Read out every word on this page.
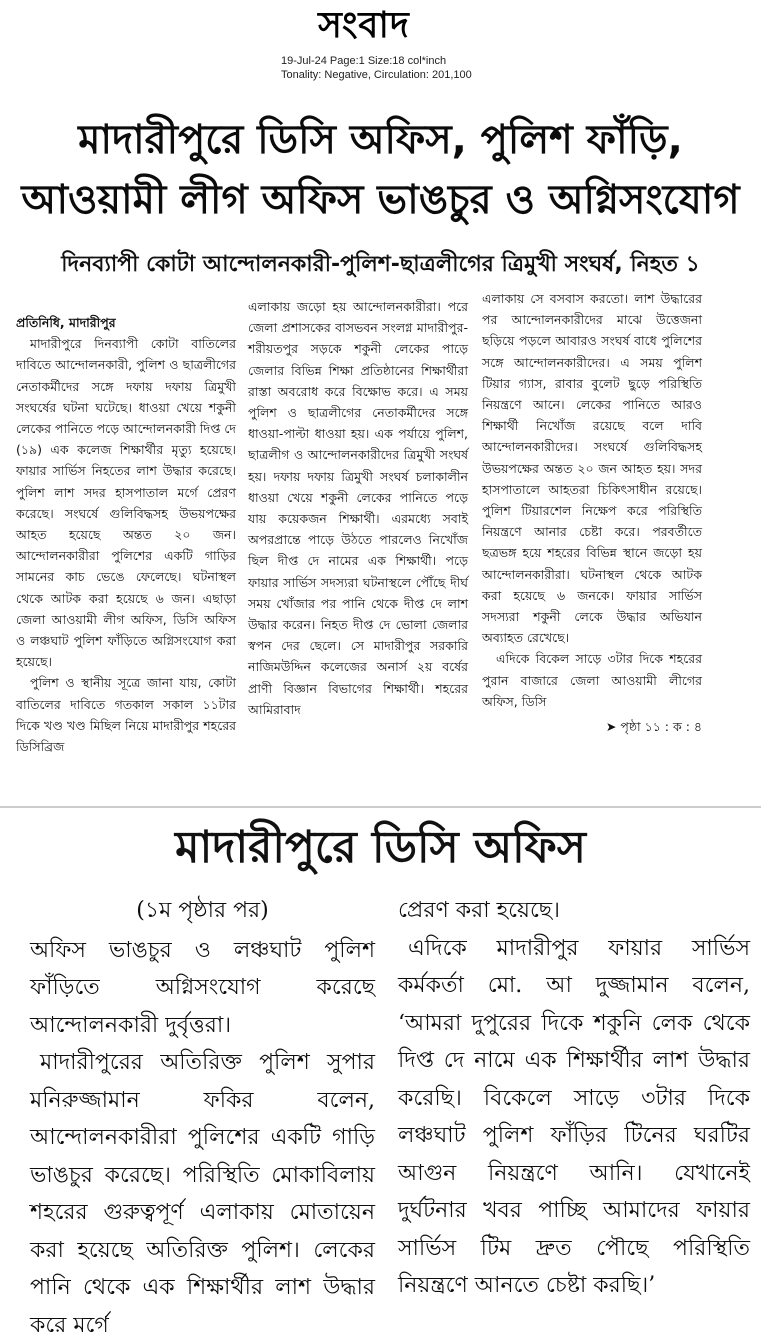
সংবাদ
19-Jul-24 Page:1 Size:18 col*inch
Tonality: Negative, Circulation: 201,100
মাদারীপুরে ডিসি অফিস, পুলিশ ফাঁড়ি,
আওয়ামী লীগ অফিস ভাঙচুর ও অগ্নিসংযোগ
দিনব্যাপী কোটা আন্দোলনকারী-পুলিশ-ছাত্রলীগের ত্রিমুখী সংঘর্ষ, নিহত ১

প্রতিনিধি, মাদারীপুর

মাদারীপুরে দিনব্যাপী কোটা বাতিলের দাবিতে আন্দোলনকারী, পুলিশ ও ছাত্রলীগের নেতাকর্মীদের সঙ্গে দফায় দফায় ত্রিমুখী সংঘর্ষের ঘটনা ঘটেছে। ধাওয়া খেয়ে শকুনী লেকের পানিতে পড়ে আন্দোলনকারী দিপ্ত দে (১৯) এক কলেজ শিক্ষার্থীর মৃত্যু হয়েছে। ফায়ার সার্ভিস নিহতের লাশ উদ্ধার করেছে। পুলিশ লাশ সদর হাসপাতাল মর্গে প্রেরণ করেছে। সংঘর্ষে গুলিবিদ্ধসহ উভয়পক্ষের আহত হয়েছে অন্তত ২০ জন। আন্দোলনকারীরা পুলিশের একটি গাড়ির সামনের কাচ ভেঙে ফেলেছে। ঘটনাস্থল থেকে আটক করা হয়েছে ৬ জন। এছাড়া জেলা আওয়ামী লীগ অফিস, ডিসি অফিস ও লঞ্চঘাট পুলিশ ফাঁড়িতে অগ্নিসংযোগ করা হয়েছে।

পুলিশ ও স্থানীয় সূত্রে জানা যায়, কোটা বাতিলের দাবিতে গতকাল সকাল ১১টার দিকে খণ্ড খণ্ড মিছিল নিয়ে মাদারীপুর শহরের ডিসিব্রিজ

এলাকায় জড়ো হয় আন্দোলনকারীরা। পরে জেলা প্রশাসকের বাসভবন সংলগ্ন মাদারীপুর-শরীয়তপুর সড়কে শকুনী লেকের পাড়ে জেলার বিভিন্ন শিক্ষা প্রতিষ্ঠানের শিক্ষার্থীরা রাস্তা অবরোধ করে বিক্ষোভ করে। এ সময় পুলিশ ও ছাত্রলীগের নেতাকর্মীদের সঙ্গে ধাওয়া-পাল্টা ধাওয়া হয়। এক পর্যায়ে পুলিশ, ছাত্রলীগ ও আন্দোলনকারীদের ত্রিমুখী সংঘর্ষ হয়। দফায় দফায় ত্রিমুখী সংঘর্ষ চলাকালীন ধাওয়া খেয়ে শকুনী লেকের পানিতে পড়ে যায় কয়েকজন শিক্ষার্থী। এরমধ্যে সবাই অপরপ্রান্তে পাড়ে উঠতে পারলেও নিখোঁজ ছিল দীপ্ত দে নামের এক শিক্ষার্থী। পড়ে ফায়ার সার্ভিস সদস্যরা ঘটনাস্থলে পৌঁছে দীর্ঘ সময় খোঁজার পর পানি থেকে দীপ্ত দে লাশ উদ্ধার করেন। নিহত দীপ্ত দে ভোলা জেলার স্বপন দের ছেলে। সে মাদারীপুর সরকারি নাজিমউদ্দিন কলেজের অনার্স ২য় বর্ষের প্রাণী বিজ্ঞান বিভাগের শিক্ষার্থী। শহরের আমিরাবাদ

এলাকায় সে বসবাস করতো। লাশ উদ্ধারের পর আন্দোলনকারীদের মাঝে উত্তেজনা ছড়িয়ে পড়লে আবারও সংঘর্ষ বাধে পুলিশের সঙ্গে আন্দোলনকারীদের। এ সময় পুলিশ টিয়ার গ্যাস, রাবার বুলেট ছুড়ে পরিস্থিতি নিয়ন্ত্রণে আনে। লেকের পানিতে আরও শিক্ষার্থী নিখোঁজ রয়েছে বলে দাবি আন্দোলনকারীদের। সংঘর্ষে গুলিবিদ্ধসহ উভয়পক্ষের অন্তত ২০ জন আহত হয়। সদর হাসপাতালে আহতরা চিকিৎসাধীন রয়েছে। পুলিশ টিয়ারশেল নিক্ষেপ করে পরিস্থিতি নিয়ন্ত্রণে আনার চেষ্টা করে। পরবর্তীতে ছত্রভঙ্গ হয়ে শহরের বিভিন্ন স্থানে জড়ো হয় আন্দোলনকারীরা। ঘটনাস্থল থেকে আটক করা হয়েছে ৬ জনকে। ফায়ার সার্ভিস সদস্যরা শকুনী লেকে উদ্ধার অভিযান অব্যাহত রেখেছে।

এদিকে বিকেল সাড়ে ৩টার দিকে শহরের পুরান বাজারে জেলা আওয়ামী লীগের অফিস, ডিসি

➤ পৃষ্ঠা ১১ : ক : ৪
মাদারীপুরে ডিসি অফিস
(১ম পৃষ্ঠার পর)

অফিস ভাঙচুর ও লঞ্চঘাট পুলিশ ফাঁড়িতে অগ্নিসংযোগ করেছে আন্দোলনকারী দুর্বৃত্তরা।

মাদারীপুরের অতিরিক্ত পুলিশ সুপার মনিরুজ্জামান ফকির বলেন, আন্দোলনকারীরা পুলিশের একটি গাড়ি ভাঙচুর করেছে। পরিস্থিতি মোকাবিলায় শহরের গুরুত্বপূর্ণ এলাকায় মোতায়েন করা হয়েছে অতিরিক্ত পুলিশ। লেকের পানি থেকে এক শিক্ষার্থীর লাশ উদ্ধার করে মর্গে

প্রেরণ করা হয়েছে।

এদিকে মাদারীপুর ফায়ার সার্ভিস কর্মকর্তা মো. আ দুজ্জামান বলেন, ‘আমরা দুপুরের দিকে শকুনি লেক থেকে দিপ্ত দে নামে এক শিক্ষার্থীর লাশ উদ্ধার করেছি। বিকেলে সাড়ে ৩টার দিকে লঞ্চঘাট পুলিশ ফাঁড়ির টিনের ঘরটির আগুন নিয়ন্ত্রণে আনি। যেখানেই দুর্ঘটনার খবর পাচ্ছি আমাদের ফায়ার সার্ভিস টিম দ্রুত পৌছে পরিস্থিতি নিয়ন্ত্রণে আনতে চেষ্টা করছি।’
